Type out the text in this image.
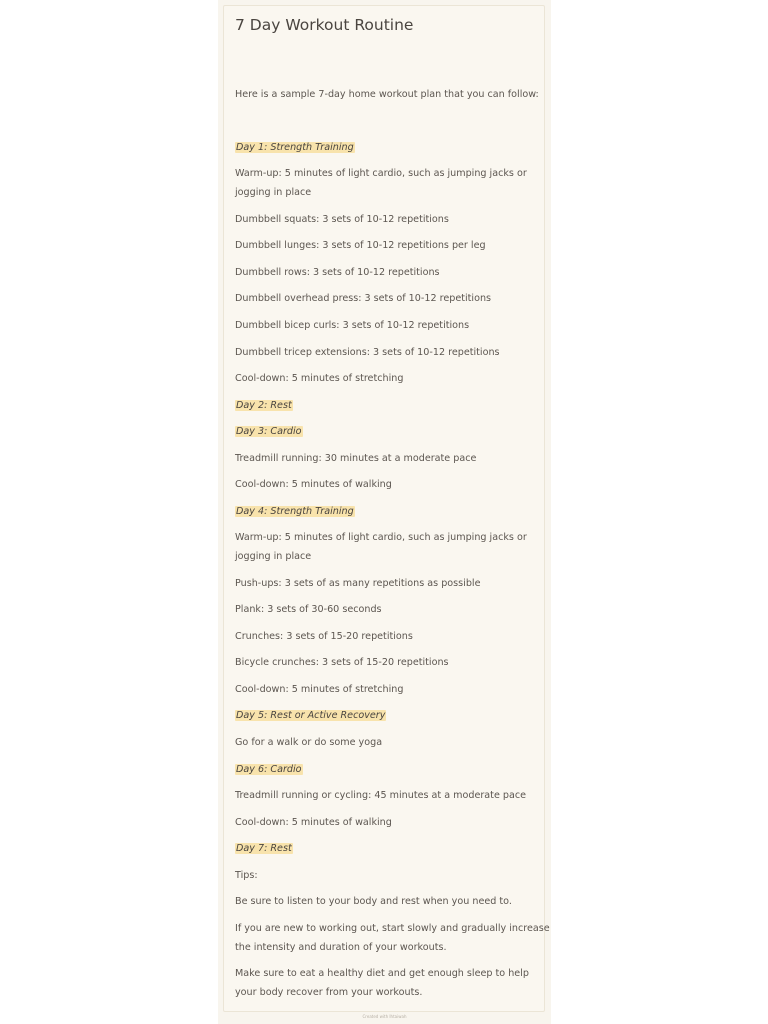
7 Day Workout Routine
Here is a sample 7-day home workout plan that you can follow:
Day 1: Strength Training
Warm-up: 5 minutes of light cardio, such as jumping jacks or
jogging in place
Dumbbell squats: 3 sets of 10-12 repetitions
Dumbbell lunges: 3 sets of 10-12 repetitions per leg
Dumbbell rows: 3 sets of 10-12 repetitions
Dumbbell overhead press: 3 sets of 10-12 repetitions
Dumbbell bicep curls: 3 sets of 10-12 repetitions
Dumbbell tricep extensions: 3 sets of 10-12 repetitions
Cool-down: 5 minutes of stretching
Day 2: Rest
Day 3: Cardio
Treadmill running: 30 minutes at a moderate pace
Cool-down: 5 minutes of walking
Day 4: Strength Training
Warm-up: 5 minutes of light cardio, such as jumping jacks or
jogging in place
Push-ups: 3 sets of as many repetitions as possible
Plank: 3 sets of 30-60 seconds
Crunches: 3 sets of 15-20 repetitions
Bicycle crunches: 3 sets of 15-20 repetitions
Cool-down: 5 minutes of stretching
Day 5: Rest or Active Recovery
Go for a walk or do some yoga
Day 6: Cardio
Treadmill running or cycling: 45 minutes at a moderate pace
Cool-down: 5 minutes of walking
Day 7: Rest
Tips:
Be sure to listen to your body and rest when you need to.
If you are new to working out, start slowly and gradually increase
the intensity and duration of your workouts.
Make sure to eat a healthy diet and get enough sleep to help
your body recover from your workouts.
Created with Ihtaiwah
